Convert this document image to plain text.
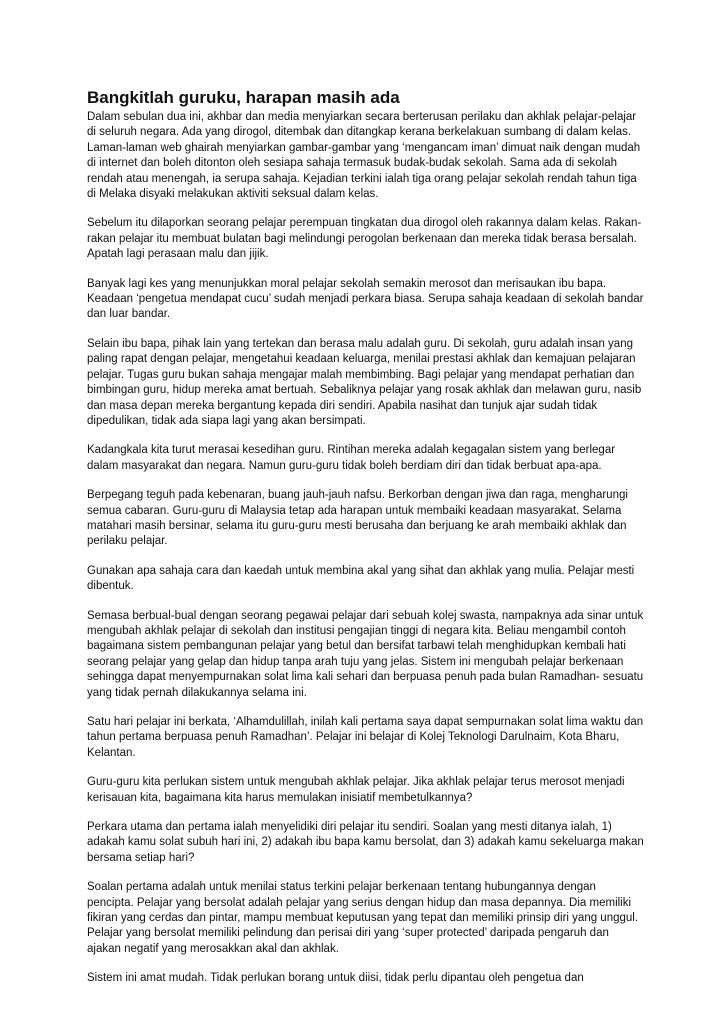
Bangkitlah guruku, harapan masih ada

Dalam sebulan dua ini, akhbar dan media menyiarkan secara berterusan perilaku dan akhlak pelajar-pelajar di seluruh negara. Ada yang dirogol, ditembak dan ditangkap kerana berkelakuan sumbang di dalam kelas. Laman-laman web ghairah menyiarkan gambar-gambar yang ‘mengancam iman’ dimuat naik dengan mudah di internet dan boleh ditonton oleh sesiapa sahaja termasuk budak-budak sekolah. Sama ada di sekolah rendah atau menengah, ia serupa sahaja. Kejadian terkini ialah tiga orang pelajar sekolah rendah tahun tiga di Melaka disyaki melakukan aktiviti seksual dalam kelas.

Sebelum itu dilaporkan seorang pelajar perempuan tingkatan dua dirogol oleh rakannya dalam kelas. Rakan-rakan pelajar itu membuat bulatan bagi melindungi perogolan berkenaan dan mereka tidak berasa bersalah. Apatah lagi perasaan malu dan jijik.

Banyak lagi kes yang menunjukkan moral pelajar sekolah semakin merosot dan merisaukan ibu bapa. Keadaan ‘pengetua mendapat cucu’ sudah menjadi perkara biasa. Serupa sahaja keadaan di sekolah bandar dan luar bandar.

Selain ibu bapa, pihak lain yang tertekan dan berasa malu adalah guru. Di sekolah, guru adalah insan yang paling rapat dengan pelajar, mengetahui keadaan keluarga, menilai prestasi akhlak dan kemajuan pelajaran pelajar. Tugas guru bukan sahaja mengajar malah membimbing. Bagi pelajar yang mendapat perhatian dan bimbingan guru, hidup mereka amat bertuah. Sebaliknya pelajar yang rosak akhlak dan melawan guru, nasib dan masa depan mereka bergantung kepada diri sendiri. Apabila nasihat dan tunjuk ajar sudah tidak dipedulikan, tidak ada siapa lagi yang akan bersimpati.

Kadangkala kita turut merasai kesedihan guru. Rintihan mereka adalah kegagalan sistem yang berlegar dalam masyarakat dan negara. Namun guru-guru tidak boleh berdiam diri dan tidak berbuat apa-apa.

Berpegang teguh pada kebenaran, buang jauh-jauh nafsu. Berkorban dengan jiwa dan raga, mengharungi semua cabaran. Guru-guru di Malaysia tetap ada harapan untuk membaiki keadaan masyarakat. Selama matahari masih bersinar, selama itu guru-guru mesti berusaha dan berjuang ke arah membaiki akhlak dan perilaku pelajar.

Gunakan apa sahaja cara dan kaedah untuk membina akal yang sihat dan akhlak yang mulia. Pelajar mesti dibentuk.

Semasa berbual-bual dengan seorang pegawai pelajar dari sebuah kolej swasta, nampaknya ada sinar untuk mengubah akhlak pelajar di sekolah dan institusi pengajian tinggi di negara kita. Beliau mengambil contoh bagaimana sistem pembangunan pelajar yang betul dan bersifat tarbawi telah menghidupkan kembali hati seorang pelajar yang gelap dan hidup tanpa arah tuju yang jelas. Sistem ini mengubah pelajar berkenaan sehingga dapat menyempurnakan solat lima kali sehari dan berpuasa penuh pada bulan Ramadhan- sesuatu yang tidak pernah dilakukannya selama ini.

Satu hari pelajar ini berkata, ‘Alhamdulillah, inilah kali pertama saya dapat sempurnakan solat lima waktu dan tahun pertama berpuasa penuh Ramadhan’. Pelajar ini belajar di Kolej Teknologi Darulnaim, Kota Bharu, Kelantan.

Guru-guru kita perlukan sistem untuk mengubah akhlak pelajar. Jika akhlak pelajar terus merosot menjadi kerisauan kita, bagaimana kita harus memulakan inisiatif membetulkannya?

Perkara utama dan pertama ialah menyelidiki diri pelajar itu sendiri. Soalan yang mesti ditanya ialah, 1) adakah kamu solat subuh hari ini, 2) adakah ibu bapa kamu bersolat, dan 3) adakah kamu sekeluarga makan bersama setiap hari?

Soalan pertama adalah untuk menilai status terkini pelajar berkenaan tentang hubungannya dengan pencipta. Pelajar yang bersolat adalah pelajar yang serius dengan hidup dan masa depannya. Dia memiliki fikiran yang cerdas dan pintar, mampu membuat keputusan yang tepat dan memiliki prinsip diri yang unggul. Pelajar yang bersolat memiliki pelindung dan perisai diri yang ‘super protected’ daripada pengaruh dan ajakan negatif yang merosakkan akal dan akhlak.

Sistem ini amat mudah. Tidak perlukan borang untuk diisi, tidak perlu dipantau oleh pengetua dan
